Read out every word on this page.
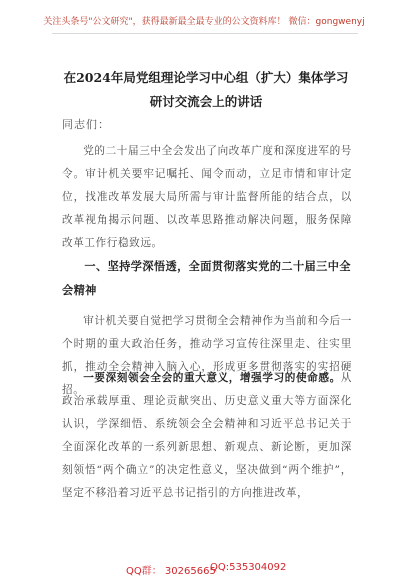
关注头条号"公文研究"，获得最新最全最专业的公文资料库！ 微信：gongwenyj
在2024年局党组理论学习中心组（扩大）集体学习研讨交流会上的讲话
同志们：
党的二十届三中全会发出了向改革广度和深度进军的号令。审计机关要牢记嘱托、闻令而动，立足市情和审计定位，找准改革发展大局所需与审计监督所能的结合点，以改革视角揭示问题、以改革思路推动解决问题，服务保障改革工作行稳致远。
一、坚持学深悟透，全面贯彻落实党的二十届三中全会精神
审计机关要自觉把学习贯彻全会精神作为当前和今后一个时期的重大政治任务，推动学习宣传往深里走、往实里抓，推动全会精神入脑入心，形成更多贯彻落实的实招硬招。
一要深刻领会全会的重大意义，增强学习的使命感。从政治承载厚重、理论贡献突出、历史意义重大等方面深化认识，学深细悟、系统领会全会精神和习近平总书记关于全面深化改革的一系列新思想、新观点、新论断，更加深刻领悟“两个确立”的决定性意义，坚决做到“两个维护”，坚定不移沿着习近平总书记指引的方向推进改革，
QQ群： 30265665
QQ:535304092
